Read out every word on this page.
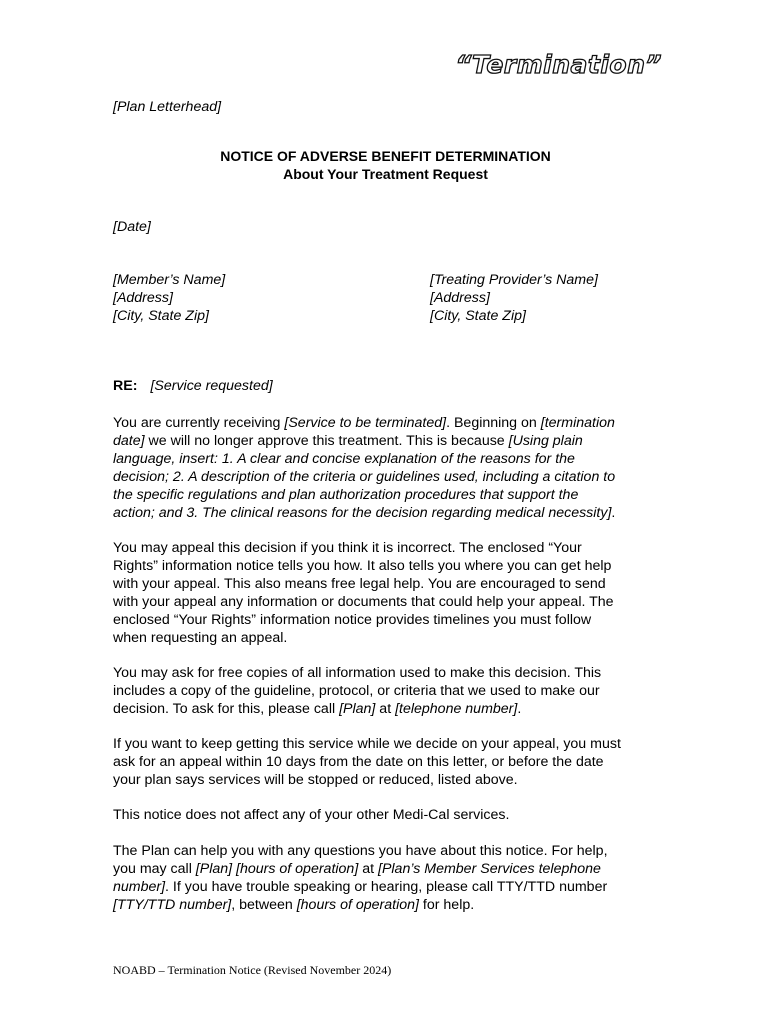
“Termination”
[Plan Letterhead]
NOTICE OF ADVERSE BENEFIT DETERMINATION
About Your Treatment Request
[Date]
[Member’s Name]
[Address]
[City, State Zip]
[Treating Provider’s Name]
[Address]
[City, State Zip]
RE: [Service requested]
You are currently receiving [Service to be terminated]. Beginning on [termination
date] we will no longer approve this treatment. This is because [Using plain
language, insert: 1. A clear and concise explanation of the reasons for the
decision; 2. A description of the criteria or guidelines used, including a citation to
the specific regulations and plan authorization procedures that support the
action; and 3. The clinical reasons for the decision regarding medical necessity].
You may appeal this decision if you think it is incorrect. The enclosed “Your
Rights” information notice tells you how. It also tells you where you can get help
with your appeal. This also means free legal help. You are encouraged to send
with your appeal any information or documents that could help your appeal. The
enclosed “Your Rights” information notice provides timelines you must follow
when requesting an appeal.
You may ask for free copies of all information used to make this decision. This
includes a copy of the guideline, protocol, or criteria that we used to make our
decision. To ask for this, please call [Plan] at [telephone number].
If you want to keep getting this service while we decide on your appeal, you must
ask for an appeal within 10 days from the date on this letter, or before the date
your plan says services will be stopped or reduced, listed above.
This notice does not affect any of your other Medi-Cal services.
The Plan can help you with any questions you have about this notice. For help,
you may call [Plan] [hours of operation] at [Plan’s Member Services telephone
number]. If you have trouble speaking or hearing, please call TTY/TTD number
[TTY/TTD number], between [hours of operation] for help.
NOABD – Termination Notice (Revised November 2024)
